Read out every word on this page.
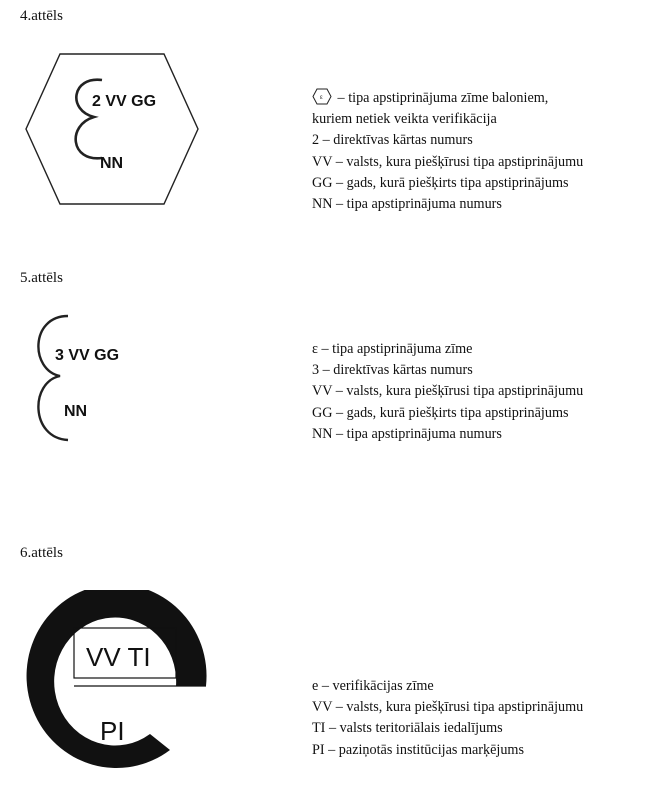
4.attēls
2 VV GG
NN
ε – tipa apstiprinājuma zīme baloniem,
kuriem netiek veikta verifikācija
2 – direktīvas kārtas numurs
VV – valsts, kura piešķīrusi tipa apstiprinājumu
GG – gads, kurā piešķirts tipa apstiprinājums
NN – tipa apstiprinājuma numurs
5.attēls
3 VV GG
NN
ε – tipa apstiprinājuma zīme
3 – direktīvas kārtas numurs
VV – valsts, kura piešķīrusi tipa apstiprinājumu
GG – gads, kurā piešķirts tipa apstiprinājums
NN – tipa apstiprinājuma numurs
6.attēls
VV TI
PI
e – verifikācijas zīme
VV – valsts, kura piešķīrusi tipa apstiprinājumu
TI – valsts teritoriālais iedalījums
PI – paziņotās institūcijas marķējums
